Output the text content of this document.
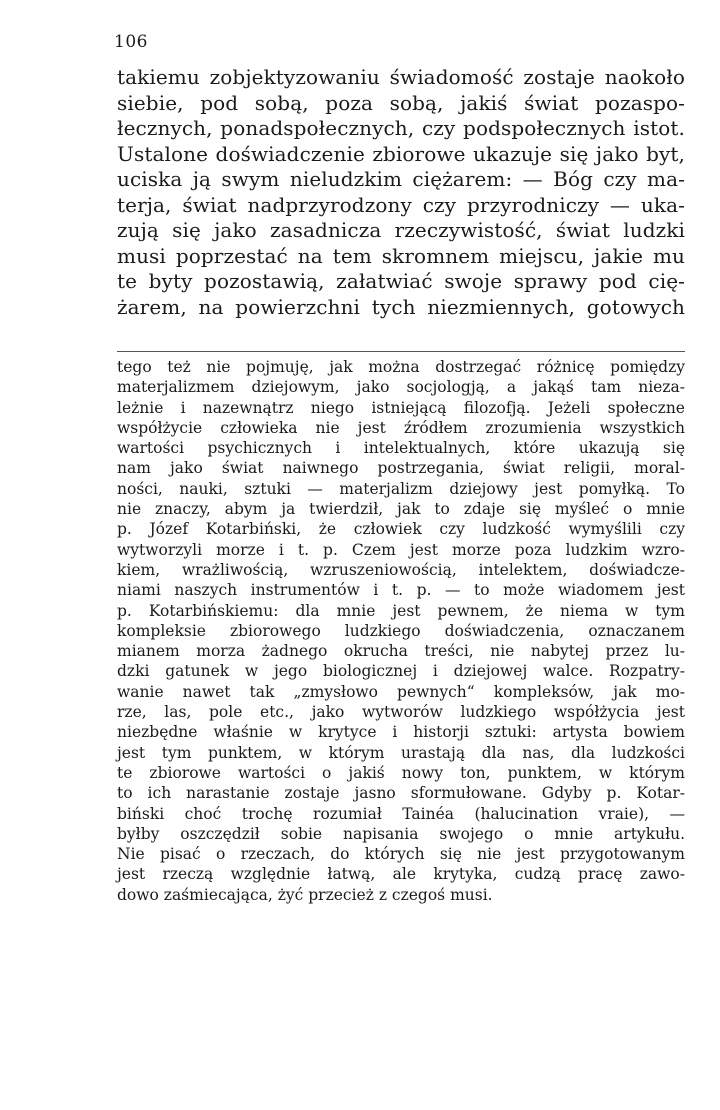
106
takiemu zobjektyzowaniu świadomość zostaje naokoło
siebie, pod sobą, poza sobą, jakiś świat pozaspo-
łecznych, ponadspołecznych, czy podspołecznych istot.
Ustalone doświadczenie zbiorowe ukazuje się jako byt,
uciska ją swym nieludzkim ciężarem: — Bóg czy ma-
terja, świat nadprzyrodzony czy przyrodniczy — uka-
zują się jako zasadnicza rzeczywistość, świat ludzki
musi poprzestać na tem skromnem miejscu, jakie mu
te byty pozostawią, załatwiać swoje sprawy pod cię-
żarem, na powierzchni tych niezmiennych, gotowych
tego też nie pojmuję, jak można dostrzegać różnicę pomiędzy
materjalizmem dziejowym, jako socjologją, a jakąś tam nieza-
leżnie i nazewnątrz niego istniejącą filozofją. Jeżeli społeczne
współżycie człowieka nie jest źródłem zrozumienia wszystkich
wartości psychicznych i intelektualnych, które ukazują się
nam jako świat naiwnego postrzegania, świat religii, moral-
ności, nauki, sztuki — materjalizm dziejowy jest pomyłką. To
nie znaczy, abym ja twierdził, jak to zdaje się myśleć o mnie
p. Józef Kotarbiński, że człowiek czy ludzkość wymyślili czy
wytworzyli morze i t. p. Czem jest morze poza ludzkim wzro-
kiem, wrażliwością, wzruszeniowością, intelektem, doświadcze-
niami naszych instrumentów i t. p. — to może wiadomem jest
p. Kotarbińskiemu: dla mnie jest pewnem, że niema w tym
kompleksie zbiorowego ludzkiego doświadczenia, oznaczanem
mianem morza żadnego okrucha treści, nie nabytej przez lu-
dzki gatunek w jego biologicznej i dziejowej walce. Rozpatry-
wanie nawet tak „zmysłowo pewnych“ kompleksów, jak mo-
rze, las, pole etc., jako wytworów ludzkiego współżycia jest
niezbędne właśnie w krytyce i historji sztuki: artysta bowiem
jest tym punktem, w którym urastają dla nas, dla ludzkości
te zbiorowe wartości o jakiś nowy ton, punktem, w którym
to ich narastanie zostaje jasno sformułowane. Gdyby p. Kotar-
biński choć trochę rozumiał Tainéa (halucination vraie), —
byłby oszczędził sobie napisania swojego o mnie artykułu.
Nie pisać o rzeczach, do których się nie jest przygotowanym
jest rzeczą względnie łatwą, ale krytyka, cudzą pracę zawo-
dowo zaśmiecająca, żyć przecież z czegoś musi.
